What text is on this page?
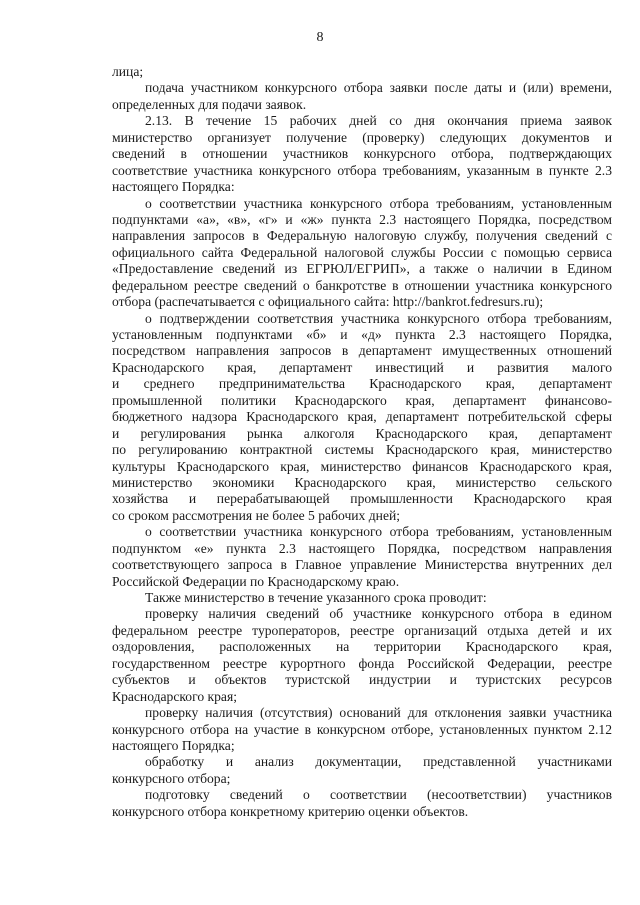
8
лица;
подача участником конкурсного отбора заявки после даты и (или) времени,
определенных для подачи заявок.
2.13. В течение 15 рабочих дней со дня окончания приема заявок
министерство организует получение (проверку) следующих документов и
сведений в отношении участников конкурсного отбора, подтверждающих
соответствие участника конкурсного отбора требованиям, указанным в пункте 2.3
настоящего Порядка:
о соответствии участника конкурсного отбора требованиям, установленным
подпунктами «а», «в», «г» и «ж» пункта 2.3 настоящего Порядка, посредством
направления запросов в Федеральную налоговую службу, получения сведений с
официального сайта Федеральной налоговой службы России с помощью сервиса
«Предоставление сведений из ЕГРЮЛ/ЕГРИП», а также о наличии в Едином
федеральном реестре сведений о банкротстве в отношении участника конкурсного
отбора (распечатывается с официального сайта: http://bankrot.fedresurs.ru);
о подтверждении соответствия участника конкурсного отбора требованиям,
установленным подпунктами «б» и «д» пункта 2.3 настоящего Порядка,
посредством направления запросов в департамент имущественных отношений
Краснодарского края, департамент инвестиций и развития малого
и среднего предпринимательства Краснодарского края, департамент
промышленной политики Краснодарского края, департамент финансово-
бюджетного надзора Краснодарского края, департамент потребительской сферы
и регулирования рынка алкоголя Краснодарского края, департамент
по регулированию контрактной системы Краснодарского края, министерство
культуры Краснодарского края, министерство финансов Краснодарского края,
министерство экономики Краснодарского края, министерство сельского
хозяйства и перерабатывающей промышленности Краснодарского края
со сроком рассмотрения не более 5 рабочих дней;
о соответствии участника конкурсного отбора требованиям, установленным
подпунктом «е» пункта 2.3 настоящего Порядка, посредством направления
соответствующего запроса в Главное управление Министерства внутренних дел
Российской Федерации по Краснодарскому краю.
Также министерство в течение указанного срока проводит:
проверку наличия сведений об участнике конкурсного отбора в едином
федеральном реестре туроператоров, реестре организаций отдыха детей и их
оздоровления, расположенных на территории Краснодарского края,
государственном реестре курортного фонда Российской Федерации, реестре
субъектов и объектов туристской индустрии и туристских ресурсов
Краснодарского края;
проверку наличия (отсутствия) оснований для отклонения заявки участника
конкурсного отбора на участие в конкурсном отборе, установленных пунктом 2.12
настоящего Порядка;
обработку и анализ документации, представленной участниками
конкурсного отбора;
подготовку сведений о соответствии (несоответствии) участников
конкурсного отбора конкретному критерию оценки объектов.
